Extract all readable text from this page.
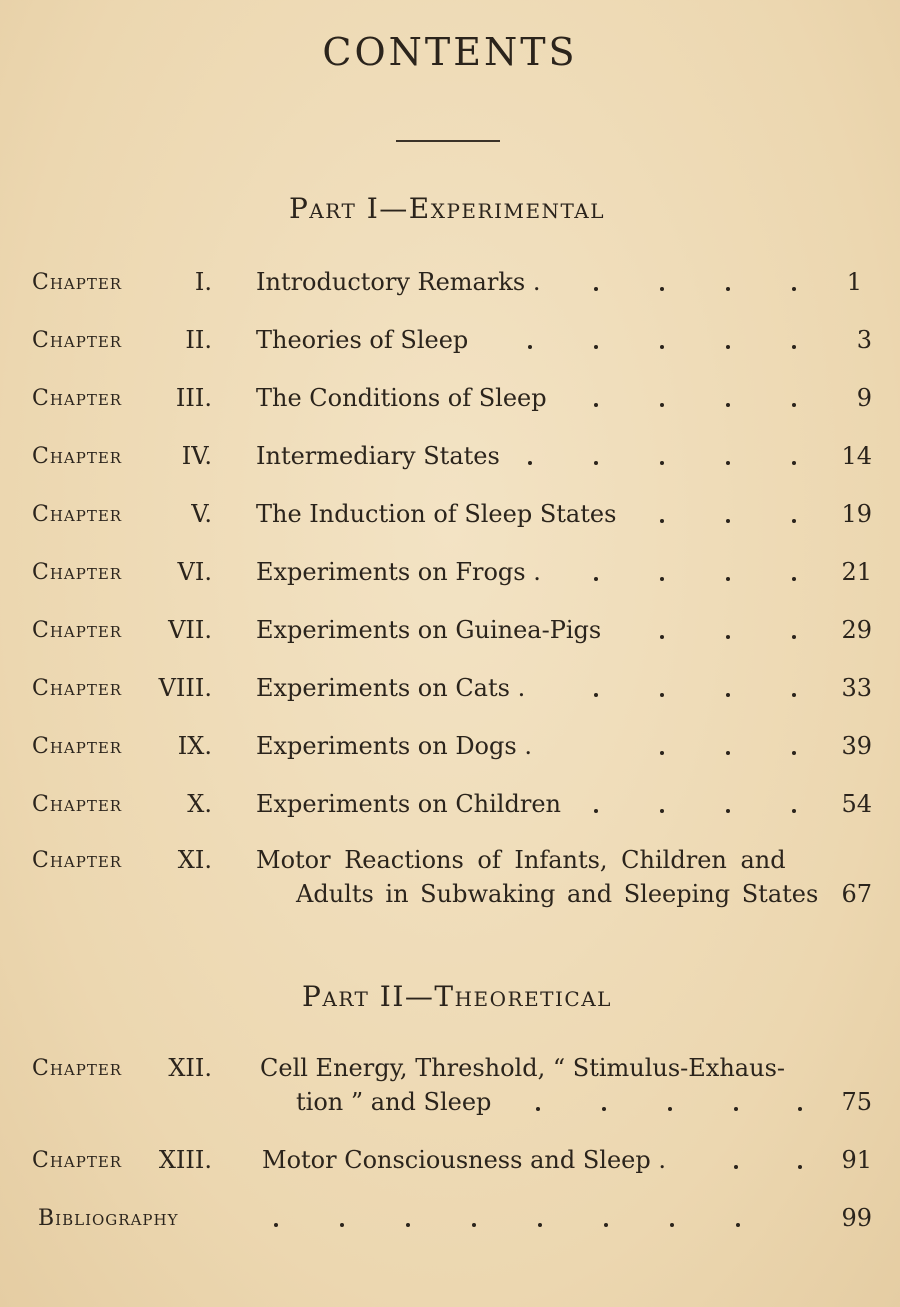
CONTENTS
Part I—Experimental
Chapter	I. Introductory Remarks .	1
Chapter	II. Theories of Sleep	3
Chapter	III. The Conditions of Sleep	9
Chapter	IV. Intermediary States	14
Chapter	V. The Induction of Sleep States	19
Chapter	VI. Experiments on Frogs .	21
Chapter	VII. Experiments on Guinea-Pigs	29
Chapter	VIII. Experiments on Cats .	33
Chapter	IX. Experiments on Dogs .	39
Chapter	X. Experiments on Children	54
Chapter	XI. Motor Reactions of Infants, Children and
Adults in Subwaking and Sleeping States 67
Part II—Theoretical
Chapter	XII. Cell Energy, Threshold, “ Stimulus-Exhaus-
tion ” and Sleep	75
Chapter	XIII. Motor Consciousness and Sleep .	91
Bibliography	99
